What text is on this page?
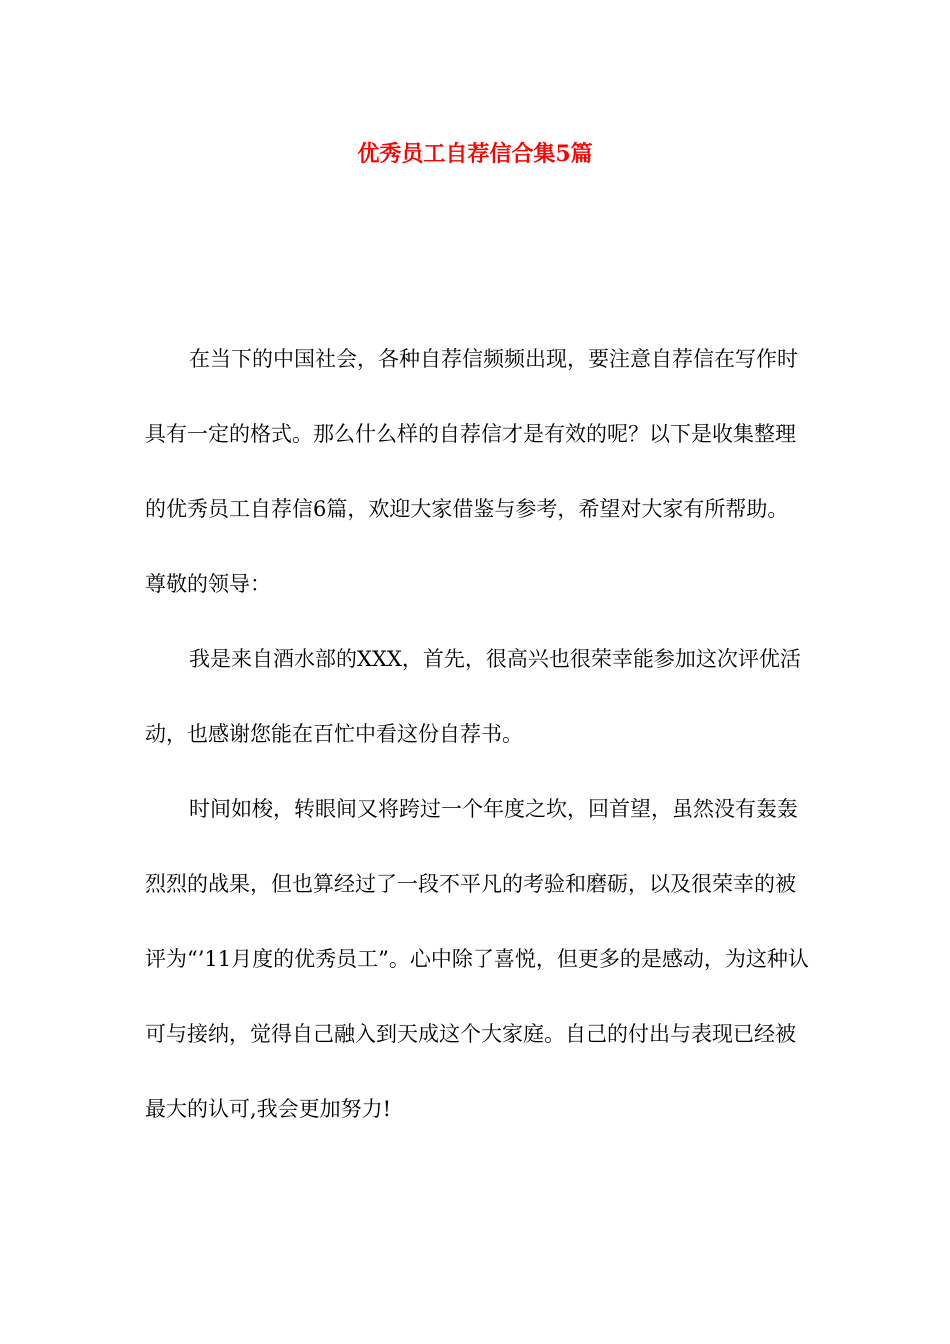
优秀员工自荐信合集5篇

在当下的中国社会，各种自荐信频频出现，要注意自荐信在写作时具有一定的格式。那么什么样的自荐信才是有效的呢？以下是收集整理的优秀员工自荐信6篇，欢迎大家借鉴与参考，希望对大家有所帮助。

尊敬的领导：

我是来自酒水部的XXX，首先，很高兴也很荣幸能参加这次评优活动，也感谢您能在百忙中看这份自荐书。

时间如梭，转眼间又将跨过一个年度之坎，回首望，虽然没有轰轰烈烈的战果，但也算经过了一段不平凡的考验和磨砺，以及很荣幸的被评为“’11月度的优秀员工”。心中除了喜悦，但更多的是感动，为这种认可与接纳，觉得自己融入到天成这个大家庭。自己的付出与表现已经被最大的认可,我会更加努力!
